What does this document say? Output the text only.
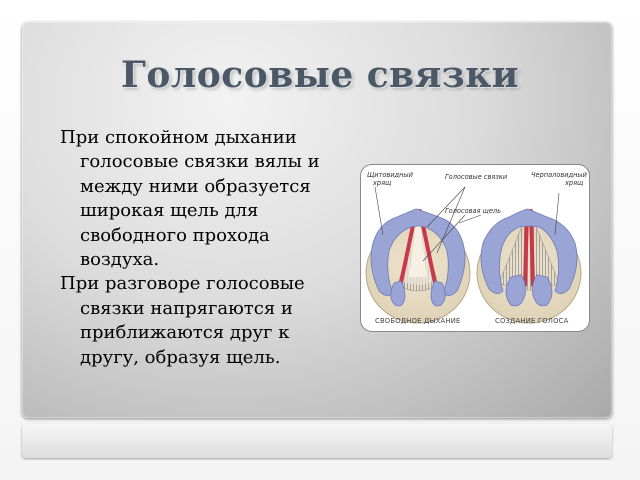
Голосовые связки

При спокойном дыхании голосовые связки вялы и между ними образуется широкая щель для свободного прохода воздуха.

При разговоре голосовые связки напрягаются и приближаются друг к другу, образуя щель.

Щитовидный
хрящ
Голосовые связки
Голосовая щель
Черпаловидный
хрящ
СВОБОДНОЕ ДЫХАНИЕ	СОЗДАНИЕ ГОЛОСА
